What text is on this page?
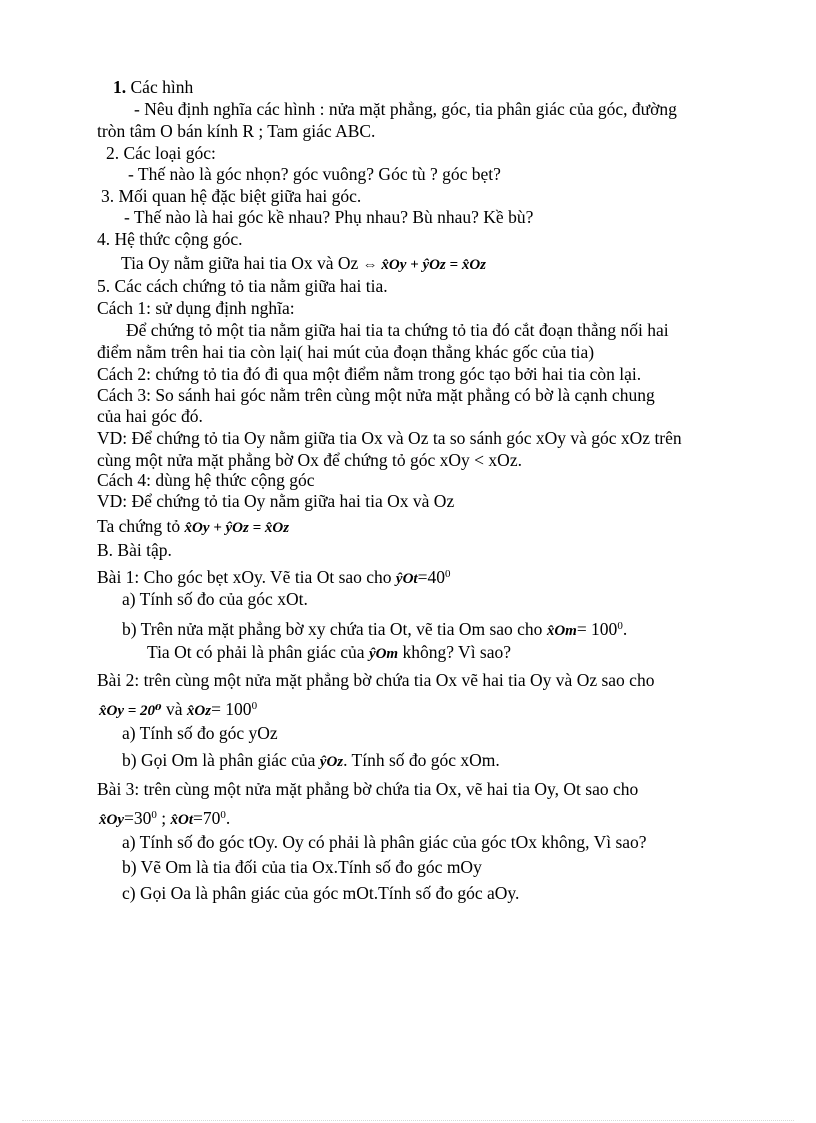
1. Các hình
- Nêu định nghĩa các hình : nửa mặt phẳng, góc, tia phân giác của góc, đường
tròn tâm O bán kính R ; Tam giác ABC.
2. Các loại góc:
- Thế nào là góc nhọn? góc vuông? Góc tù ? góc bẹt?
3. Mối quan hệ đặc biệt giữa hai góc.
- Thế nào là hai góc kề nhau? Phụ nhau? Bù nhau? Kề bù?
4. Hệ thức cộng góc.
Tia Oy nằm giữa hai tia Ox và Oz ⇔ x̂Oy + ŷOz = x̂Oz
5. Các cách chứng tỏ tia nằm giữa hai tia.
Cách 1: sử dụng định nghĩa:
Để chứng tỏ một tia nằm giữa hai tia ta chứng tỏ tia đó cắt đoạn thẳng nối hai
điểm nằm trên hai tia còn lại( hai mút của đoạn thẳng khác gốc của tia)
Cách 2: chứng tỏ tia đó đi qua một điểm nằm trong góc tạo bởi hai tia còn lại.
Cách 3: So sánh hai góc nằm trên cùng một nửa mặt phẳng có bờ là cạnh chung
của hai góc đó.
VD: Để chứng tỏ tia Oy nằm giữa tia Ox và Oz ta so sánh góc xOy và góc xOz trên
cùng một nửa mặt phẳng bờ Ox để chứng tỏ góc xOy < xOz.
Cách 4: dùng hệ thức cộng góc
VD: Để chứng tỏ tia Oy nằm giữa hai tia Ox và Oz
Ta chứng tỏ x̂Oy + ŷOz = x̂Oz
B. Bài tập.
Bài 1: Cho góc bẹt xOy. Vẽ tia Ot sao cho $ŷOt=40^0$
a) Tính số đo của góc xOt.
b) Trên nửa mặt phẳng bờ xy chứa tia Ot, vẽ tia Om sao cho x̂Om= $100^0$.
Tia Ot có phải là phân giác của ŷOm không? Vì sao?
Bài 2: trên cùng một nửa mặt phẳng bờ chứa tia Ox vẽ hai tia Oy và Oz sao cho
x̂Oy = 20⁰ và x̂Oz= $100^0$
a) Tính số đo góc yOz
b) Gọi Om là phân giác của ŷOz. Tính số đo góc xOm.
Bài 3: trên cùng một nửa mặt phẳng bờ chứa tia Ox, vẽ hai tia Oy, Ot sao cho
$x̂Oy=30^0$ ; $x̂Ot=70^0$.
a) Tính số đo góc tOy. Oy có phải là phân giác của góc tOx không, Vì sao?
b) Vẽ Om là tia đối của tia Ox.Tính số đo góc mOy
c) Gọi Oa là phân giác của góc mOt.Tính số đo góc aOy.
